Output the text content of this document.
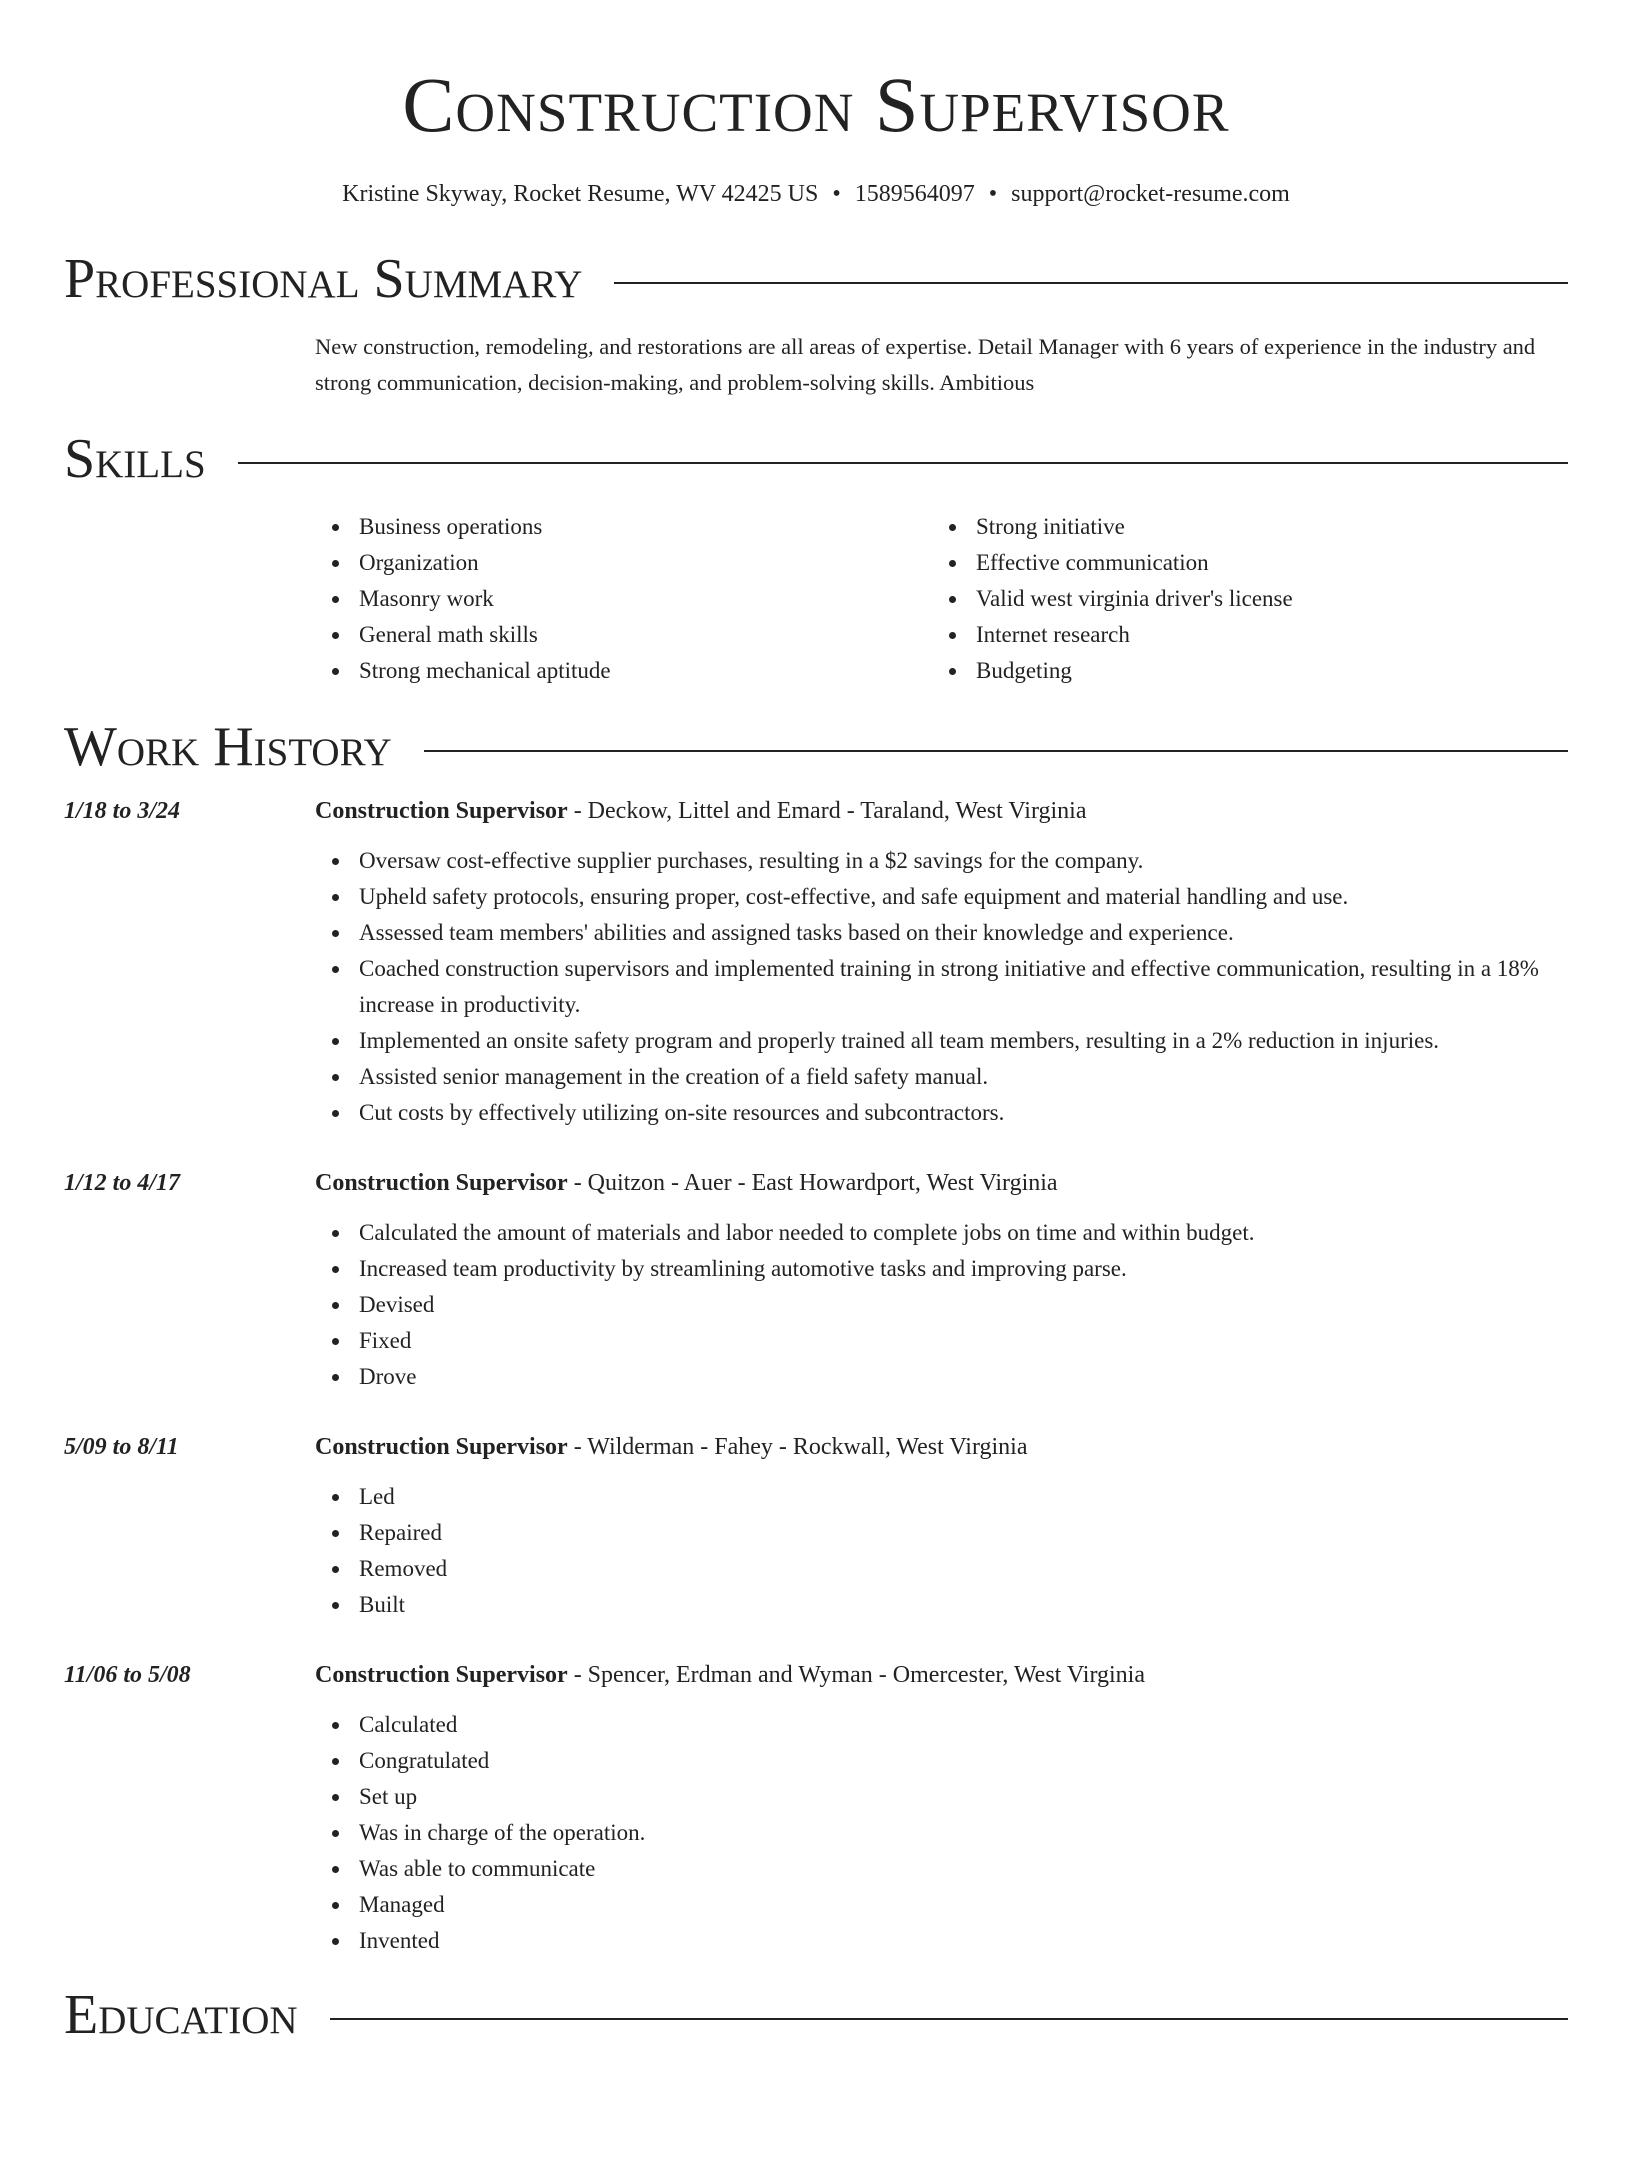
Construction Supervisor
Kristine Skyway, Rocket Resume, WV 42425 US • 1589564097 • support@rocket-resume.com
Professional Summary
New construction, remodeling, and restorations are all areas of expertise. Detail Manager with 6 years of experience in the industry and strong communication, decision-making, and problem-solving skills. Ambitious
Skills
Business operations
Organization
Masonry work
General math skills
Strong mechanical aptitude
Strong initiative
Effective communication
Valid west virginia driver's license
Internet research
Budgeting
Work History
1/18 to 3/24	Construction Supervisor - Deckow, Littel and Emard - Taraland, West Virginia
Oversaw cost-effective supplier purchases, resulting in a $2 savings for the company.
Upheld safety protocols, ensuring proper, cost-effective, and safe equipment and material handling and use.
Assessed team members' abilities and assigned tasks based on their knowledge and experience.
Coached construction supervisors and implemented training in strong initiative and effective communication, resulting in a 18% increase in productivity.
Implemented an onsite safety program and properly trained all team members, resulting in a 2% reduction in injuries.
Assisted senior management in the creation of a field safety manual.
Cut costs by effectively utilizing on-site resources and subcontractors.
1/12 to 4/17	Construction Supervisor - Quitzon - Auer - East Howardport, West Virginia
Calculated the amount of materials and labor needed to complete jobs on time and within budget.
Increased team productivity by streamlining automotive tasks and improving parse.
Devised
Fixed
Drove
5/09 to 8/11	Construction Supervisor - Wilderman - Fahey - Rockwall, West Virginia
Led
Repaired
Removed
Built
11/06 to 5/08	Construction Supervisor - Spencer, Erdman and Wyman - Omercester, West Virginia
Calculated
Congratulated
Set up
Was in charge of the operation.
Was able to communicate
Managed
Invented
Education
